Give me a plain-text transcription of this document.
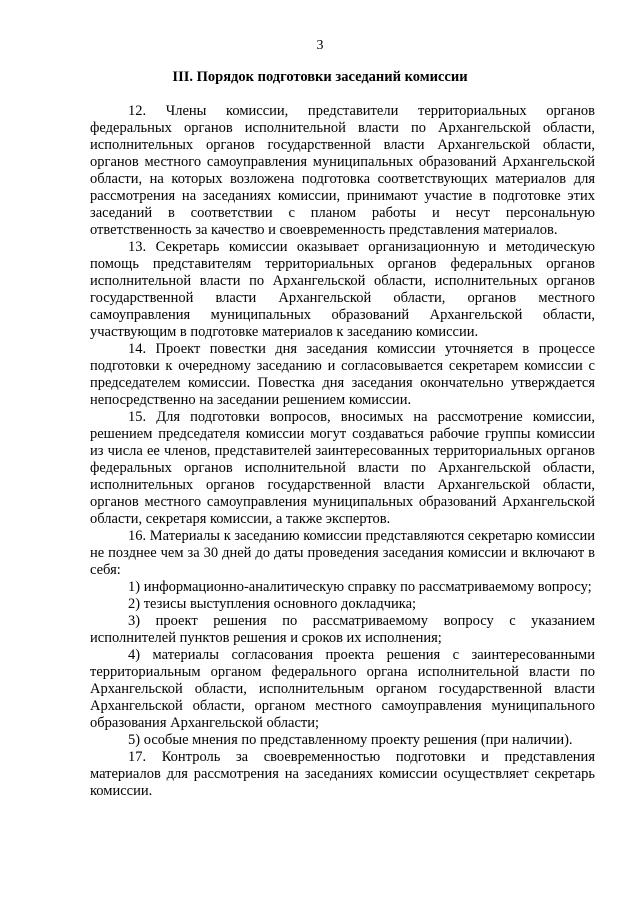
3
III. Порядок подготовки заседаний комиссии

12. Члены комиссии, представители территориальных органов федеральных органов исполнительной власти по Архангельской области, исполнительных органов государственной власти Архангельской области, органов местного самоуправления муниципальных образований Архангельской области, на которых возложена подготовка соответствующих материалов для рассмотрения на заседаниях комиссии, принимают участие в подготовке этих заседаний в соответствии с планом работы и несут персональную ответственность за качество и своевременность представления материалов.

13. Секретарь комиссии оказывает организационную и методическую помощь представителям территориальных органов федеральных органов исполнительной власти по Архангельской области, исполнительных органов государственной власти Архангельской области, органов местного самоуправления муниципальных образований Архангельской области, участвующим в подготовке материалов к заседанию комиссии.

14. Проект повестки дня заседания комиссии уточняется в процессе подготовки к очередному заседанию и согласовывается секретарем комиссии с председателем комиссии. Повестка дня заседания окончательно утверждается непосредственно на заседании решением комиссии.

15. Для подготовки вопросов, вносимых на рассмотрение комиссии, решением председателя комиссии могут создаваться рабочие группы комиссии из числа ее членов, представителей заинтересованных территориальных органов федеральных органов исполнительной власти по Архангельской области, исполнительных органов государственной власти Архангельской области, органов местного самоуправления муниципальных образований Архангельской области, секретаря комиссии, а также экспертов.

16. Материалы к заседанию комиссии представляются секретарю комиссии не позднее чем за 30 дней до даты проведения заседания комиссии и включают в себя:

1) информационно-аналитическую справку по рассматриваемому вопросу;

2) тезисы выступления основного докладчика;

3) проект решения по рассматриваемому вопросу с указанием исполнителей пунктов решения и сроков их исполнения;

4) материалы согласования проекта решения с заинтересованными территориальным органом федерального органа исполнительной власти по Архангельской области, исполнительным органом государственной власти Архангельской области, органом местного самоуправления муниципального образования Архангельской области;

5) особые мнения по представленному проекту решения (при наличии).

17. Контроль за своевременностью подготовки и представления материалов для рассмотрения на заседаниях комиссии осуществляет секретарь комиссии.
